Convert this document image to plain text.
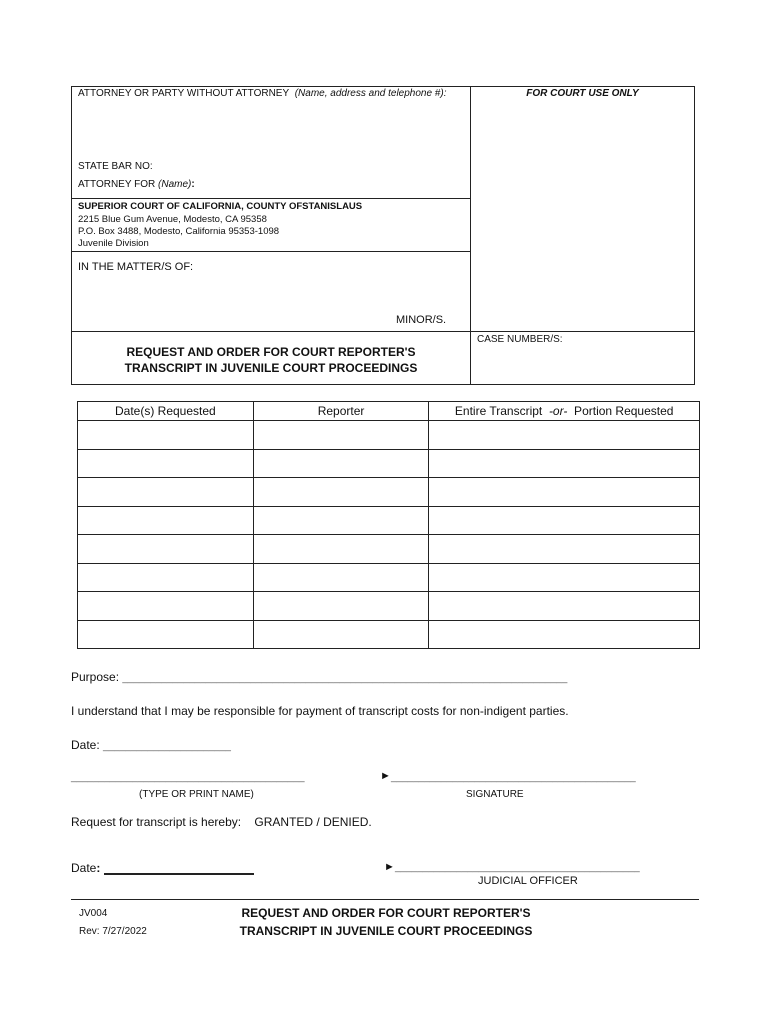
ATTORNEY OR PARTY WITHOUT ATTORNEY (Name, address and telephone #):	FOR COURT USE ONLY
STATE BAR NO:
ATTORNEY FOR (Name):
SUPERIOR COURT OF CALIFORNIA, COUNTY OFSTANISLAUS
2215 Blue Gum Avenue, Modesto, CA 95358
P.O. Box 3488, Modesto, California 95353-1098
Juvenile Division
IN THE MATTER/S OF:
MINOR/S.
REQUEST AND ORDER FOR COURT REPORTER'S
TRANSCRIPT IN JUVENILE COURT PROCEEDINGS
CASE NUMBER/S:
Date(s) Requested	Reporter	Entire Transcript  -or-  Portion Requested

Purpose: ________________________________________________________________________________
I understand that I may be responsible for payment of transcript costs for non-indigent parties.
Date: _______________________
__________________________________________
(TYPE OR PRINT NAME)
► ____________________________________________
SIGNATURE
Request for transcript is hereby: GRANTED / DENIED.
Date:	► ____________________________________________
JUDICIAL OFFICER
JV004
Rev: 7/27/2022
REQUEST AND ORDER FOR COURT REPORTER'S
TRANSCRIPT IN JUVENILE COURT PROCEEDINGS
